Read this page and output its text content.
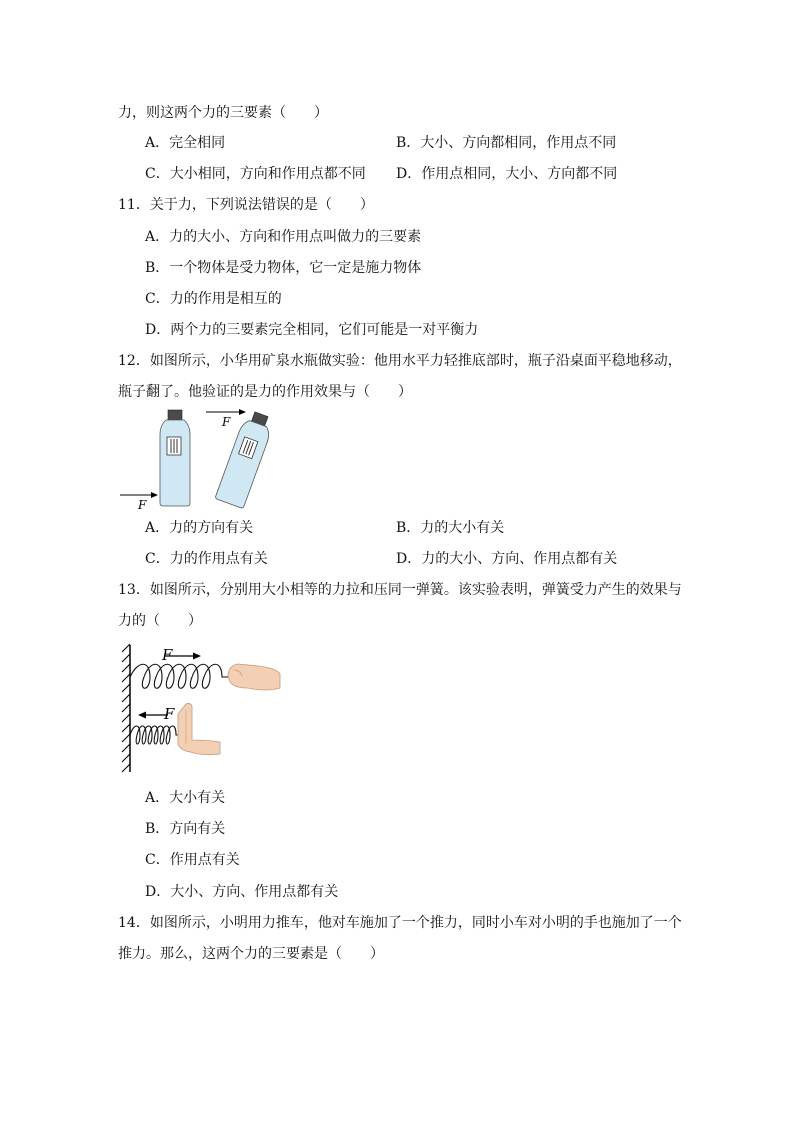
力，则这两个力的三要素（　　）
A．完全相同	B．大小、方向都相同，作用点不同
C．大小相同，方向和作用点都不同 D．作用点相同，大小、方向都不同
11．关于力，下列说法错误的是（　　）
A．力的大小、方向和作用点叫做力的三要素
B．一个物体是受力物体，它一定是施力物体
C．力的作用是相互的
D．两个力的三要素完全相同，它们可能是一对平衡力
12．如图所示，小华用矿泉水瓶做实验：他用水平力轻推底部时，瓶子沿桌面平稳地移动，
瓶子翻了。他验证的是力的作用效果与（　　）
F
F
A．力的方向有关	B．力的大小有关
C．力的作用点有关	D．力的大小、方向、作用点都有关
13．如图所示，分别用大小相等的力拉和压同一弹簧。该实验表明，弹簧受力产生的效果与
力的（　　）
F
F
A．大小有关
B．方向有关
C．作用点有关
D．大小、方向、作用点都有关
14．如图所示，小明用力推车，他对车施加了一个推力，同时小车对小明的手也施加了一个
推力。那么，这两个力的三要素是（　　）
